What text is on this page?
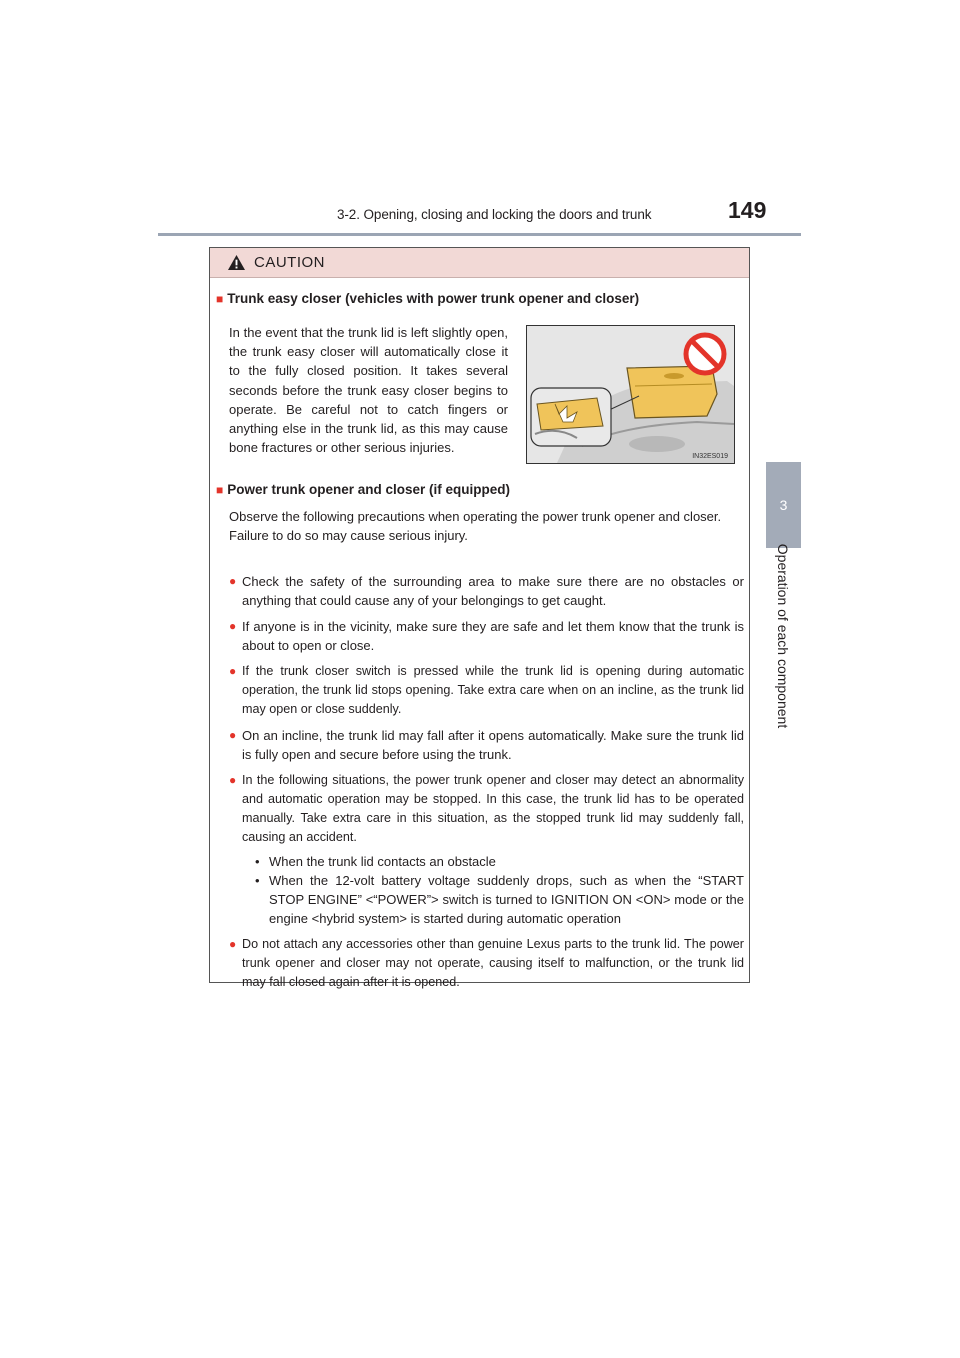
3-2. Opening, closing and locking the doors and trunk	149
3
Operation of each component
CAUTION
■ Trunk easy closer (vehicles with power trunk opener and closer)
In the event that the trunk lid is left slightly open, the trunk easy closer will automatically close it to the fully closed position. It takes several seconds before the trunk easy closer begins to operate. Be careful not to catch fingers or anything else in the trunk lid, as this may cause bone fractures or other serious injuries.
IN32ES019
■ Power trunk opener and closer (if equipped)

Observe the following precautions when operating the power trunk opener and closer.

Failure to do so may cause serious injury.

● Check the safety of the surrounding area to make sure there are no obstacles or anything that could cause any of your belongings to get caught.
● If anyone is in the vicinity, make sure they are safe and let them know that the trunk is about to open or close.
● If the trunk closer switch is pressed while the trunk lid is opening during automatic operation, the trunk lid stops opening. Take extra care when on an incline, as the trunk lid may open or close suddenly.
● On an incline, the trunk lid may fall after it opens automatically. Make sure the trunk lid is fully open and secure before using the trunk.
● In the following situations, the power trunk opener and closer may detect an abnormality and automatic operation may be stopped. In this case, the trunk lid has to be operated manually. Take extra care in this situation, as the stopped trunk lid may suddenly fall, causing an accident.
• When the trunk lid contacts an obstacle
• When the 12-volt battery voltage suddenly drops, such as when the “START STOP ENGINE” <“POWER”> switch is turned to IGNITION ON <ON> mode or the engine <hybrid system> is started during automatic operation
● Do not attach any accessories other than genuine Lexus parts to the trunk lid. The power trunk opener and closer may not operate, causing itself to malfunction, or the trunk lid may fall closed again after it is opened.
